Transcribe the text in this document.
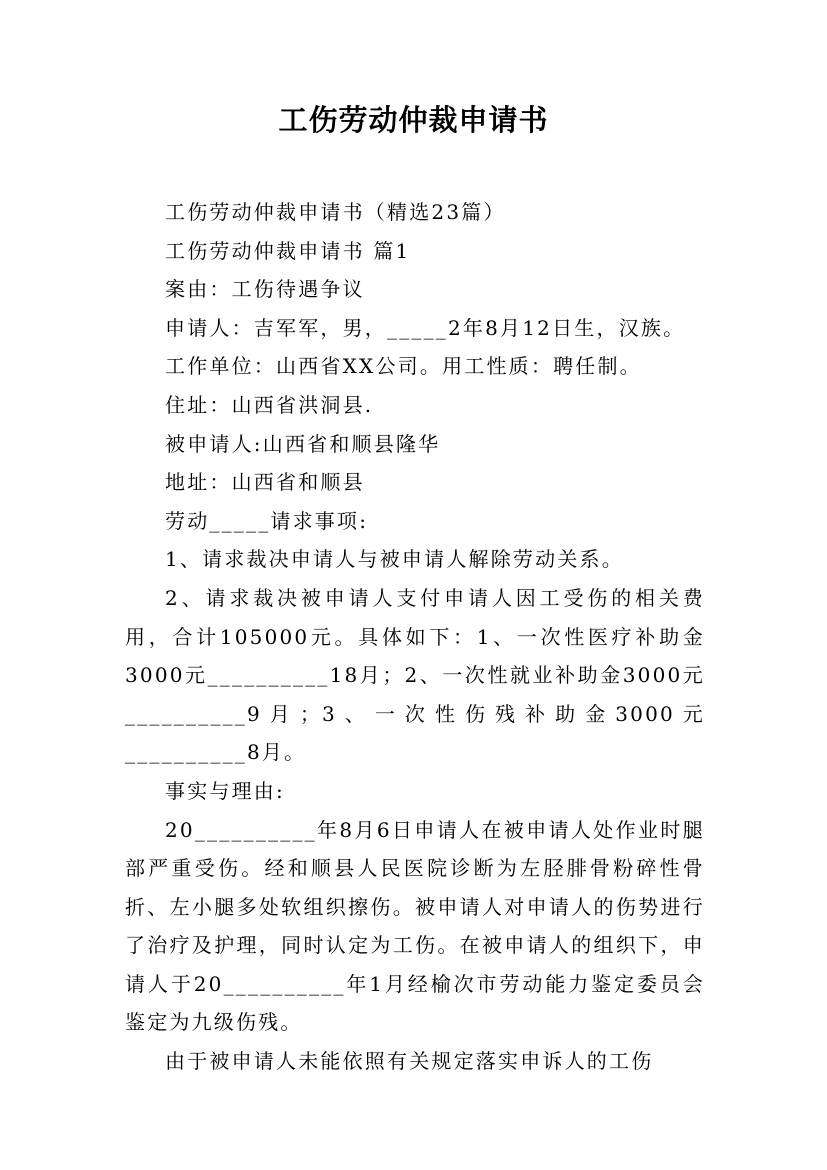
工伤劳动仲裁申请书

工伤劳动仲裁申请书（精选23篇）

工伤劳动仲裁申请书 篇1

案由：工伤待遇争议

申请人：吉军军，男，_____2年8月12日生，汉族。

工作单位：山西省XX公司。用工性质：聘任制。

住址：山西省洪洞县.

被申请人:山西省和顺县隆华

地址：山西省和顺县

劳动_____请求事项:

1、请求裁决申请人与被申请人解除劳动关系。

2、请求裁决被申请人支付申请人因工受伤的相关费用，合计105000元。具体如下：1、一次性医疗补助金3000元__________18月；2、一次性就业补助金3000元__________9月；3、一次性伤残补助金3000元__________8月。

事实与理由:

20__________年8月6日申请人在被申请人处作业时腿部严重受伤。经和顺县人民医院诊断为左胫腓骨粉碎性骨折、左小腿多处软组织擦伤。被申请人对申请人的伤势进行了治疗及护理，同时认定为工伤。在被申请人的组织下，申请人于20__________年1月经榆次市劳动能力鉴定委员会鉴定为九级伤残。

由于被申请人未能依照有关规定落实申诉人的工伤
